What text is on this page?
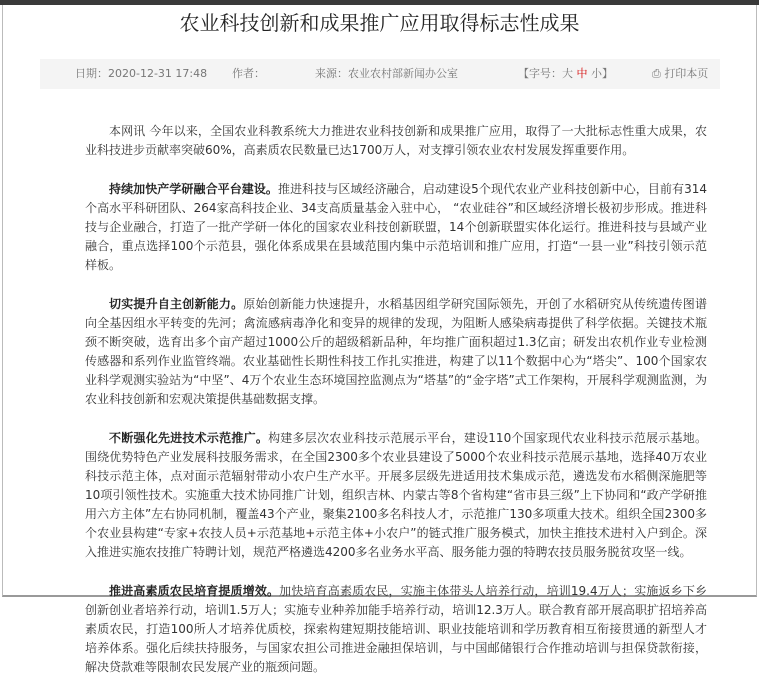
农业科技创新和成果推广应用取得标志性成果
日期：2020-12-31 17:48 作者：	来源：农业农村部新闻办公室	【字号：大 中 小】	⎙ 打印本页

本网讯 今年以来，全国农业科教系统大力推进农业科技创新和成果推广应用，取得了一大批标志性重大成果，农业科技进步贡献率突破60%，高素质农民数量已达1700万人，对支撑引领农业农村发展发挥重要作用。

持续加快产学研融合平台建设。推进科技与区域经济融合，启动建设5个现代农业产业科技创新中心，目前有314个高水平科研团队、264家高科技企业、34支高质量基金入驻中心， “农业硅谷”和区域经济增长极初步形成。推进科技与企业融合，打造了一批产学研一体化的国家农业科技创新联盟，14个创新联盟实体化运行。推进科技与县域产业融合，重点选择100个示范县，强化体系成果在县域范围内集中示范培训和推广应用，打造“一县一业”科技引领示范样板。

切实提升自主创新能力。原始创新能力快速提升，水稻基因组学研究国际领先，开创了水稻研究从传统遗传图谱向全基因组水平转变的先河；禽流感病毒净化和变异的规律的发现，为阻断人感染病毒提供了科学依据。关键技术瓶颈不断突破，选育出多个亩产超过1000公斤的超级稻新品种，年均推广面积超过1.3亿亩；研发出农机作业专业检测传感器和系列作业监管终端。农业基础性长期性科技工作扎实推进，构建了以11个数据中心为“塔尖”、100个国家农业科学观测实验站为“中坚”、4万个农业生态环境国控监测点为“塔基”的“金字塔”式工作架构，开展科学观测监测，为农业科技创新和宏观决策提供基础数据支撑。

不断强化先进技术示范推广。构建多层次农业科技示范展示平台，建设110个国家现代农业科技示范展示基地。围绕优势特色产业发展科技服务需求，在全国2300多个农业县建设了5000个农业科技示范展示基地，选择40万农业科技示范主体，点对面示范辐射带动小农户生产水平。开展多层级先进适用技术集成示范，遴选发布水稻侧深施肥等10项引领性技术。实施重大技术协同推广计划，组织吉林、内蒙古等8个省构建“省市县三级”上下协同和“政产学研推用六方主体”左右协同机制，覆盖43个产业，聚集2100多名科技人才，示范推广130多项重大技术。组织全国2300多个农业县构建“专家+农技人员+示范基地+示范主体+小农户”的链式推广服务模式，加快主推技术进村入户到企。深入推进实施农技推广特聘计划，规范严格遴选4200多名业务水平高、服务能力强的特聘农技员服务脱贫攻坚一线。

推进高素质农民培育提质增效。加快培育高素质农民，实施主体带头人培养行动，培训19.4万人；实施返乡下乡创新创业者培养行动，培训1.5万人；实施专业种养加能手培养行动，培训12.3万人。联合教育部开展高职扩招培养高素质农民，打造100所人才培养优质校，探索构建短期技能培训、职业技能培训和学历教育相互衔接贯通的新型人才培养体系。强化后续扶持服务，与国家农担公司推进金融担保培训，与中国邮储银行合作推动培训与担保贷款衔接，解决贷款难等限制农民发展产业的瓶颈问题。
